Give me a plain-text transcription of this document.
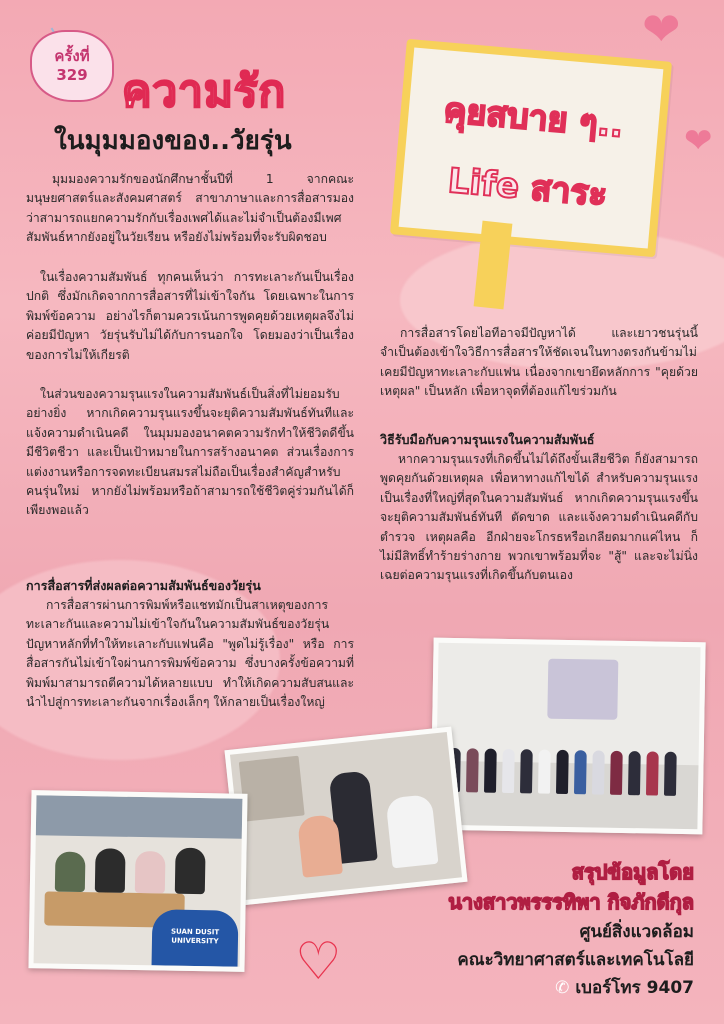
ครั้งที่
329 ความรัก
ในมุมมองของ..วัยรุ่น
❤
❤
คุยสบาย ๆ..
Life สาระ
มุมมองความรักของนักศึกษาชั้นปีที่ 1 จากคณะมนุษยศาสตร์และสังคมศาสตร์ สาขาภาษาและการสื่อสารมองว่าสามารถแยกความรักกับเรื่องเพศได้และไม่จำเป็นต้องมีเพศสัมพันธ์หากยังอยู่ในวัยเรียน หรือยังไม่พร้อมที่จะรับผิดชอบ
ในเรื่องความสัมพันธ์ ทุกคนเห็นว่า การทะเลาะกันเป็นเรื่องปกติ ซึ่งมักเกิดจากการสื่อสารที่ไม่เข้าใจกัน โดยเฉพาะในการพิมพ์ข้อความ อย่างไรก็ตามควรเน้นการพูดคุยด้วยเหตุผลจึงไม่ค่อยมีปัญหา วัยรุ่นรับไม่ได้กับการนอกใจ โดยมองว่าเป็นเรื่องของการไม่ให้เกียรติ
ในส่วนของความรุนแรงในความสัมพันธ์เป็นสิ่งที่ไม่ยอมรับอย่างยิ่ง หากเกิดความรุนแรงขึ้นจะยุติความสัมพันธ์ทันทีและแจ้งความดำเนินคดี ในมุมมองอนาคตความรักทำให้ชีวิตดีขึ้น มีชีวิตชีวา และเป็นเป้าหมายในการสร้างอนาคต ส่วนเรื่องการแต่งงานหรือการจดทะเบียนสมรสไม่ถือเป็นเรื่องสำคัญสำหรับคนรุ่นใหม่ หากยังไม่พร้อมหรือถ้าสามารถใช้ชีวิตคู่ร่วมกันได้ก็เพียงพอแล้ว
การสื่อสารที่ส่งผลต่อความสัมพันธ์ของวัยรุ่น
การสื่อสารผ่านการพิมพ์หรือแชทมักเป็นสาเหตุของการทะเลาะกันและความไม่เข้าใจกันในความสัมพันธ์ของวัยรุ่น ปัญหาหลักที่ทำให้ทะเลาะกับแฟนคือ "พูดไม่รู้เรื่อง" หรือ การสื่อสารกันไม่เข้าใจผ่านการพิมพ์ข้อความ ซึ่งบางครั้งข้อความที่พิมพ์มาสามารถตีความได้หลายแบบ ทำให้เกิดความสับสนและนำไปสู่การทะเลาะกันจากเรื่องเล็กๆ ให้กลายเป็นเรื่องใหญ่
การสื่อสารโดยไอทีอาจมีปัญหาได้ และเยาวชนรุ่นนี้จำเป็นต้องเข้าใจวิธีการสื่อสารให้ชัดเจนในทางตรงกันข้ามไม่เคยมีปัญหาทะเลาะกับแฟน เนื่องจากเขายึดหลักการ "คุยด้วยเหตุผล" เป็นหลัก เพื่อหาจุดที่ต้องแก้ไขร่วมกัน
วิธีรับมือกับความรุนแรงในความสัมพันธ์
หากความรุนแรงที่เกิดขึ้นไม่ได้ถึงขั้นเสียชีวิต ก็ยังสามารถพูดคุยกันด้วยเหตุผล เพื่อหาทางแก้ไขได้ สำหรับความรุนแรงเป็นเรื่องที่ใหญ่ที่สุดในความสัมพันธ์ หากเกิดความรุนแรงขึ้นจะยุติความสัมพันธ์ทันที ตัดขาด และแจ้งความดำเนินคดีกับตำรวจ เหตุผลคือ อีกฝ่ายจะโกรธหรือเกลียดมากแค่ไหน ก็ไม่มีสิทธิ์ทำร้ายร่างกาย พวกเขาพร้อมที่จะ "สู้" และจะไม่นิ่งเฉยต่อความรุนแรงที่เกิดขึ้นกับตนเอง
SUAN DUSIT UNIVERSITY ♡
สรุปข้อมูลโดย
นางสาวพรรรทิพา กิจภักดีกุล
ศูนย์สิ่งแวดล้อม
คณะวิทยาศาสตร์และเทคโนโลยี
✆ เบอร์โทร 9407
